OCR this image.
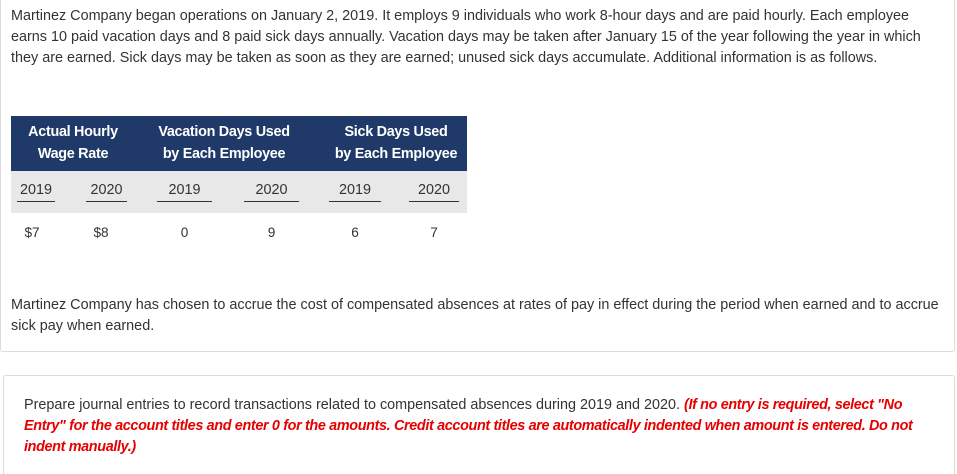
Martinez Company began operations on January 2, 2019. It employs 9 individuals who work 8-hour days and are paid hourly. Each employee earns 10 paid vacation days and 8 paid sick days annually. Vacation days may be taken after January 15 of the year following the year in which they are earned. Sick days may be taken as soon as they are earned; unused sick days accumulate. Additional information is as follows.
Actual Hourly
Wage Rate
Vacation Days Used
by Each Employee
Sick Days Used
by Each Employee
2019	2020	2019	2020	2019	2020
$7	$8	0	9	6	7
Martinez Company has chosen to accrue the cost of compensated absences at rates of pay in effect during the period when earned and to accrue sick pay when earned.
Prepare journal entries to record transactions related to compensated absences during 2019 and 2020. (If no entry is required, select "No Entry" for the account titles and enter 0 for the amounts. Credit account titles are automatically indented when amount is entered. Do not indent manually.)
